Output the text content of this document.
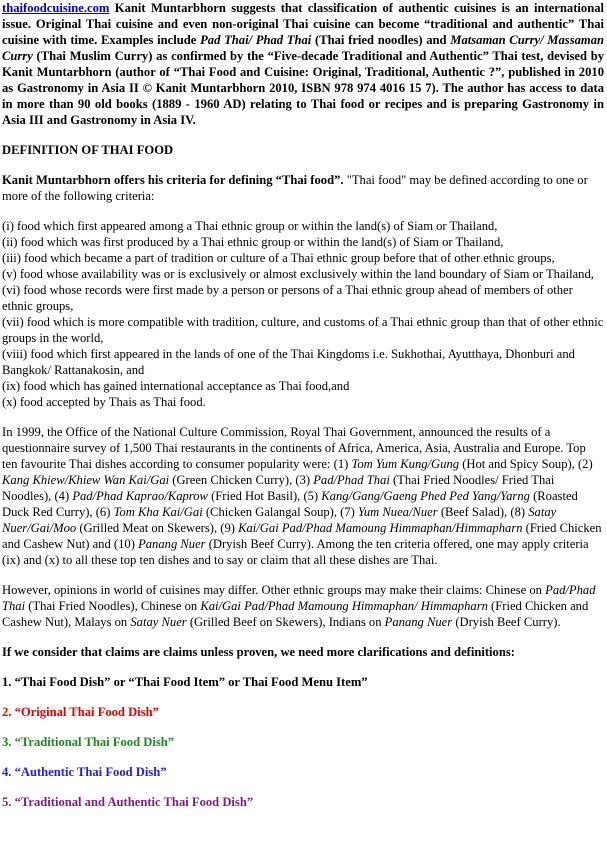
thaifoodcuisine.com Kanit Muntarbhorn suggests that classification of authentic cuisines is an international issue. Original Thai cuisine and even non-original Thai cuisine can become “traditional and authentic” Thai cuisine with time. Examples include Pad Thai/ Phad Thai (Thai fried noodles) and Matsaman Curry/ Massaman Curry (Thai Muslim Curry) as confirmed by the “Five-decade Traditional and Authentic” Thai test, devised by Kanit Muntarbhorn (author of “Thai Food and Cuisine: Original, Traditional, Authentic ?”, published in 2010 as Gastronomy in Asia II © Kanit Muntarbhorn 2010, ISBN 978 974 4016 15 7). The author has access to data in more than 90 old books (1889 - 1960 AD) relating to Thai food or recipes and is preparing Gastronomy in Asia III and Gastronomy in Asia IV.

DEFINITION OF THAI FOOD

Kanit Muntarbhorn offers his criteria for defining “Thai food”. "Thai food" may be defined according to one or more of the following criteria:

(i) food which first appeared among a Thai ethnic group or within the land(s) of Siam or Thailand,

(ii) food which was first produced by a Thai ethnic group or within the land(s) of Siam or Thailand,

(iii) food which became a part of tradition or culture of a Thai ethnic group before that of other ethnic groups,

(v) food whose availability was or is exclusively or almost exclusively within the land boundary of Siam or Thailand,

(vi) food whose records were first made by a person or persons of a Thai ethnic group ahead of members of other ethnic groups,

(vii) food which is more compatible with tradition, culture, and customs of a Thai ethnic group than that of other ethnic groups in the world,

(viii) food which first appeared in the lands of one of the Thai Kingdoms i.e. Sukhothai, Ayutthaya, Dhonburi and Bangkok/ Rattanakosin, and

(ix) food which has gained international acceptance as Thai food,and

(x) food accepted by Thais as Thai food.

In 1999, the Office of the National Culture Commission, Royal Thai Government, announced the results of a questionnaire survey of 1,500 Thai restaurants in the continents of Africa, America, Asia, Australia and Europe. Top ten favourite Thai dishes according to consumer popularity were: (1) Tom Yum Kung/Gung (Hot and Spicy Soup), (2) Kang Khiew/Khiew Wan Kai/Gai (Green Chicken Curry), (3) Pad/Phad Thai (Thai Fried Noodles/ Fried Thai Noodles), (4) Pad/Phad Kaprao/Kaprow (Fried Hot Basil), (5) Kang/Gang/Gaeng Phed Ped Yang/Yarng (Roasted Duck Red Curry), (6) Tom Kha Kai/Gai (Chicken Galangal Soup), (7) Yum Nuea/Nuer (Beef Salad), (8) Satay Nuer/Gai/Moo (Grilled Meat on Skewers), (9) Kai/Gai Pad/Phad Mamoung Himmaphan/Himmapharn (Fried Chicken and Cashew Nut) and (10) Panang Nuer (Dryish Beef Curry). Among the ten criteria offered, one may apply criteria (ix) and (x) to all these top ten dishes and to say or claim that all these dishes are Thai.

However, opinions in world of cuisines may differ. Other ethnic groups may make their claims: Chinese on Pad/Phad Thai (Thai Fried Noodles), Chinese on Kai/Gai Pad/Phad Mamoung Himmaphan/ Himmapharn (Fried Chicken and Cashew Nut), Malays on Satay Nuer (Grilled Beef on Skewers), Indians on Panang Nuer (Dryish Beef Curry).

If we consider that claims are claims unless proven, we need more clarifications and definitions:

1. “Thai Food Dish” or “Thai Food Item” or Thai Food Menu Item”

2. “Original Thai Food Dish”

3. “Traditional Thai Food Dish”

4. “Authentic Thai Food Dish”

5. “Traditional and Authentic Thai Food Dish”
